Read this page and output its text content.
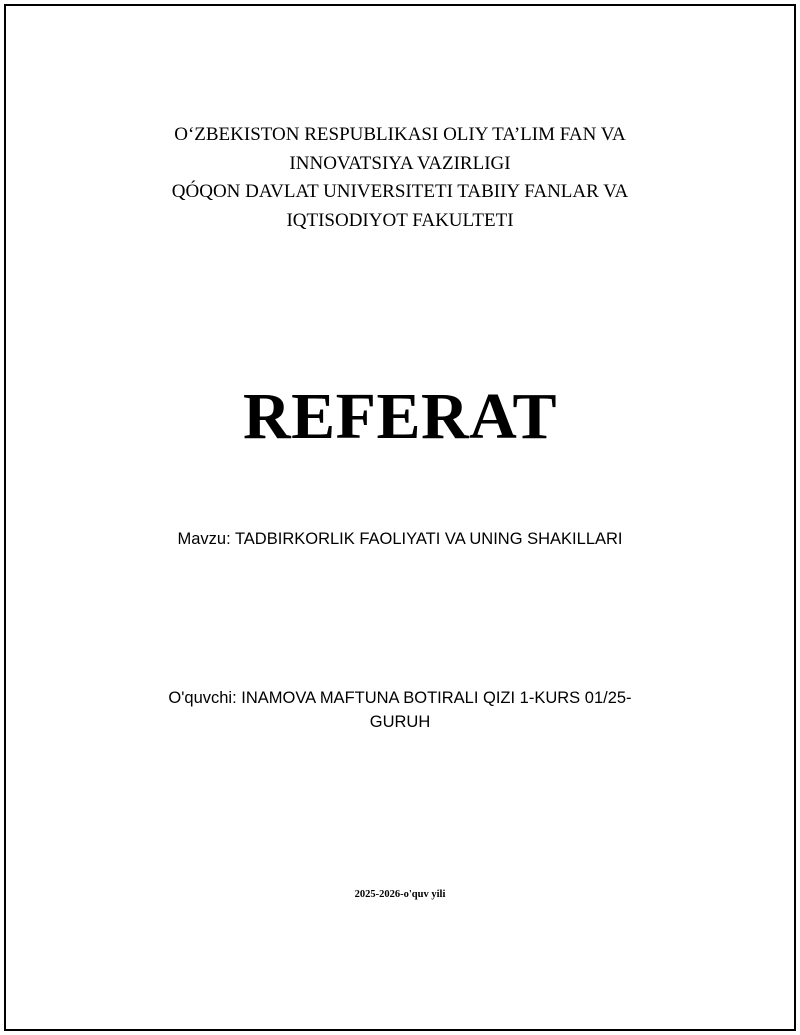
O‘ZBEKISTON RESPUBLIKASI OLIY TA’LIM FAN VA
INNOVATSIYA VAZIRLIGI
QÓQON DAVLAT UNIVERSITETI TABIIY FANLAR VA
IQTISODIYOT FAKULTETI
REFERAT
Mavzu: TADBIRKORLIK FAOLIYATI VA UNING SHAKILLARI
O'quvchi: INAMOVA MAFTUNA BOTIRALI QIZI 1-KURS 01/25-
GURUH
2025-2026-o'quv yili
